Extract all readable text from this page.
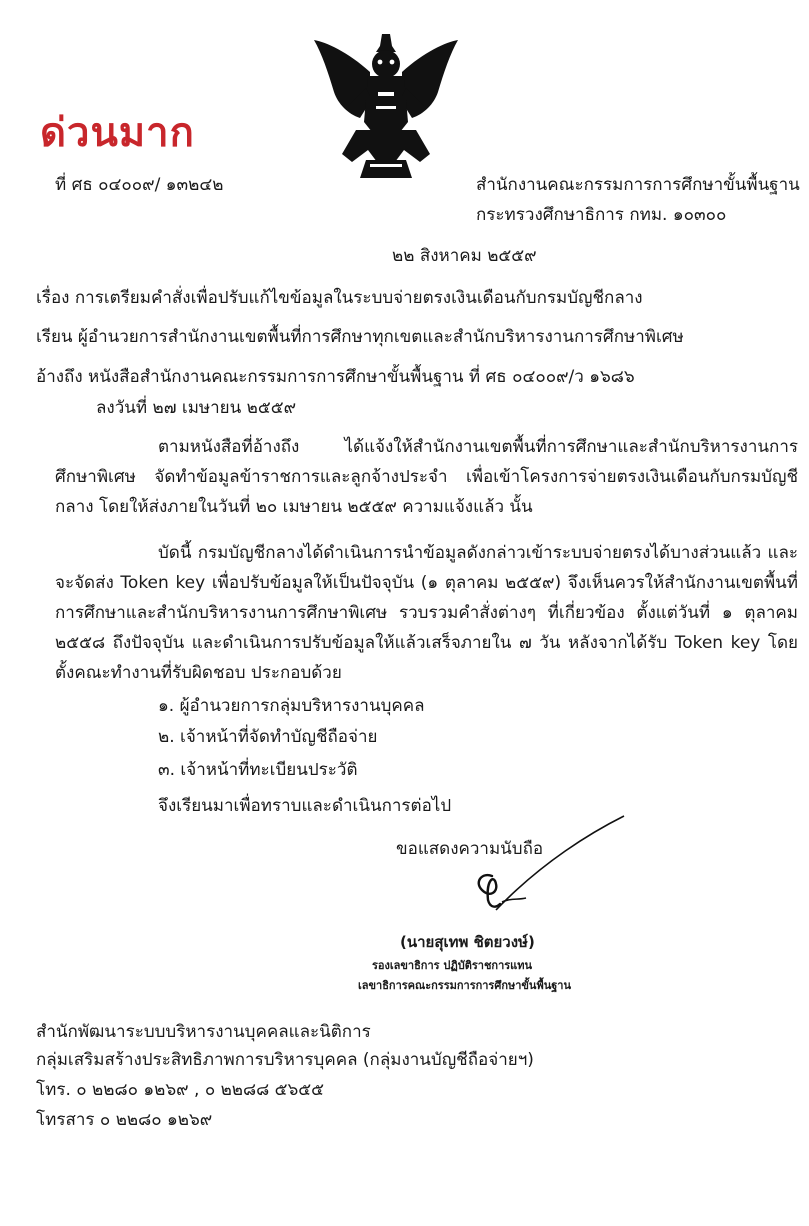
ด่วนมาก
ที่ ศธ ๐๔๐๐๙/ ๑๓๒๔๒	สำนักงานคณะกรรมการการศึกษาขั้นพื้นฐาน
กระทรวงศึกษาธิการ กทม. ๑๐๓๐๐
๒๒ สิงหาคม ๒๕๕๙
เรื่อง การเตรียมคำสั่งเพื่อปรับแก้ไขข้อมูลในระบบจ่ายตรงเงินเดือนกับกรมบัญชีกลาง
เรียน ผู้อำนวยการสำนักงานเขตพื้นที่การศึกษาทุกเขตและสำนักบริหารงานการศึกษาพิเศษ
อ้างถึง หนังสือสำนักงานคณะกรรมการการศึกษาขั้นพื้นฐาน ที่ ศธ ๐๔๐๐๙/ว ๑๖๘๖
ลงวันที่ ๒๗ เมษายน ๒๕๕๙

ตามหนังสือที่อ้างถึง ได้แจ้งให้สำนักงานเขตพื้นที่การศึกษาและสำนักบริหารงานการศึกษาพิเศษ จัดทำข้อมูลข้าราชการและลูกจ้างประจำ เพื่อเข้าโครงการจ่ายตรงเงินเดือนกับกรมบัญชีกลาง โดยให้ส่งภายในวันที่ ๒๐ เมษายน ๒๕๕๙ ความแจ้งแล้ว นั้น

บัดนี้ กรมบัญชีกลางได้ดำเนินการนำข้อมูลดังกล่าวเข้าระบบจ่ายตรงได้บางส่วนแล้ว และจะจัดส่ง Token key เพื่อปรับข้อมูลให้เป็นปัจจุบัน (๑ ตุลาคม ๒๕๕๙) จึงเห็นควรให้สำนักงานเขตพื้นที่การศึกษาและสำนักบริหารงานการศึกษาพิเศษ รวบรวมคำสั่งต่างๆ ที่เกี่ยวข้อง ตั้งแต่วันที่ ๑ ตุลาคม ๒๕๕๘ ถึงปัจจุบัน และดำเนินการปรับข้อมูลให้แล้วเสร็จภายใน ๗ วัน หลังจากได้รับ Token key โดยตั้งคณะทำงานที่รับผิดชอบ ประกอบด้วย

๑. ผู้อำนวยการกลุ่มบริหารงานบุคคล
๒. เจ้าหน้าที่จัดทำบัญชีถือจ่าย
๓. เจ้าหน้าที่ทะเบียนประวัติ
จึงเรียนมาเพื่อทราบและดำเนินการต่อไป
ขอแสดงความนับถือ
(นายสุเทพ ชิตยวงษ์)
รองเลขาธิการ ปฏิบัติราชการแทน
เลขาธิการคณะกรรมการการศึกษาขั้นพื้นฐาน
สำนักพัฒนาระบบบริหารงานบุคคลและนิติการ
กลุ่มเสริมสร้างประสิทธิภาพการบริหารบุคคล (กลุ่มงานบัญชีถือจ่ายฯ)
โทร. ๐ ๒๒๘๐ ๑๒๖๙ , ๐ ๒๒๘๘ ๕๖๕๕
โทรสาร ๐ ๒๒๘๐ ๑๒๖๙
